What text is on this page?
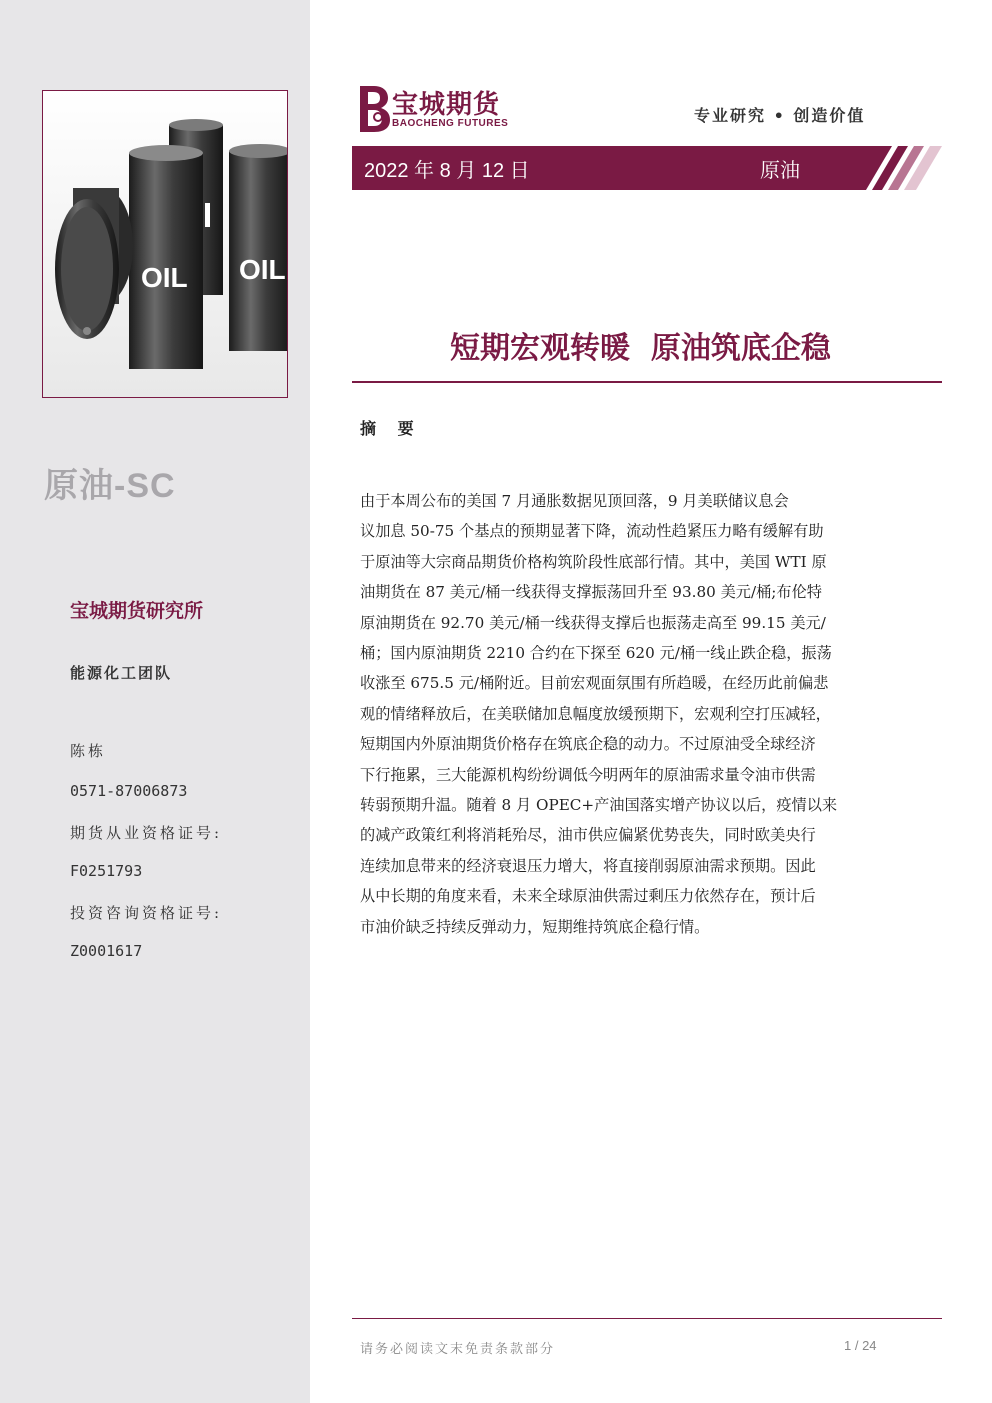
OIL OIL
原油-SC
宝城期货研究所
能源化工团队
陈栋
0571-87006873
期货从业资格证号:
F0251793
投资咨询资格证号:
Z0001617
宝城期货
BAOCHENG FUTURES	专业研究 • 创造价值
2022 年 8 月 12 日	原油
短期宏观转暖  原油筑底企稳
摘 要
由于本周公布的美国 7 月通胀数据见顶回落，9 月美联储议息会
议加息 50-75 个基点的预期显著下降，流动性趋紧压力略有缓解有助
于原油等大宗商品期货价格构筑阶段性底部行情。其中，美国 WTI 原
油期货在 87 美元/桶一线获得支撑振荡回升至 93.80 美元/桶;布伦特
原油期货在 92.70 美元/桶一线获得支撑后也振荡走高至 99.15 美元/
桶；国内原油期货 2210 合约在下探至 620 元/桶一线止跌企稳，振荡
收涨至 675.5 元/桶附近。目前宏观面氛围有所趋暖，在经历此前偏悲
观的情绪释放后，在美联储加息幅度放缓预期下，宏观利空打压减轻，
短期国内外原油期货价格存在筑底企稳的动力。不过原油受全球经济
下行拖累，三大能源机构纷纷调低今明两年的原油需求量令油市供需
转弱预期升温。随着 8 月 OPEC+产油国落实增产协议以后，疫情以来
的减产政策红利将消耗殆尽，油市供应偏紧优势丧失，同时欧美央行
连续加息带来的经济衰退压力增大，将直接削弱原油需求预期。因此
从中长期的角度来看，未来全球原油供需过剩压力依然存在，预计后
市油价缺乏持续反弹动力，短期维持筑底企稳行情。
请务必阅读文末免责条款部分	1 / 24
